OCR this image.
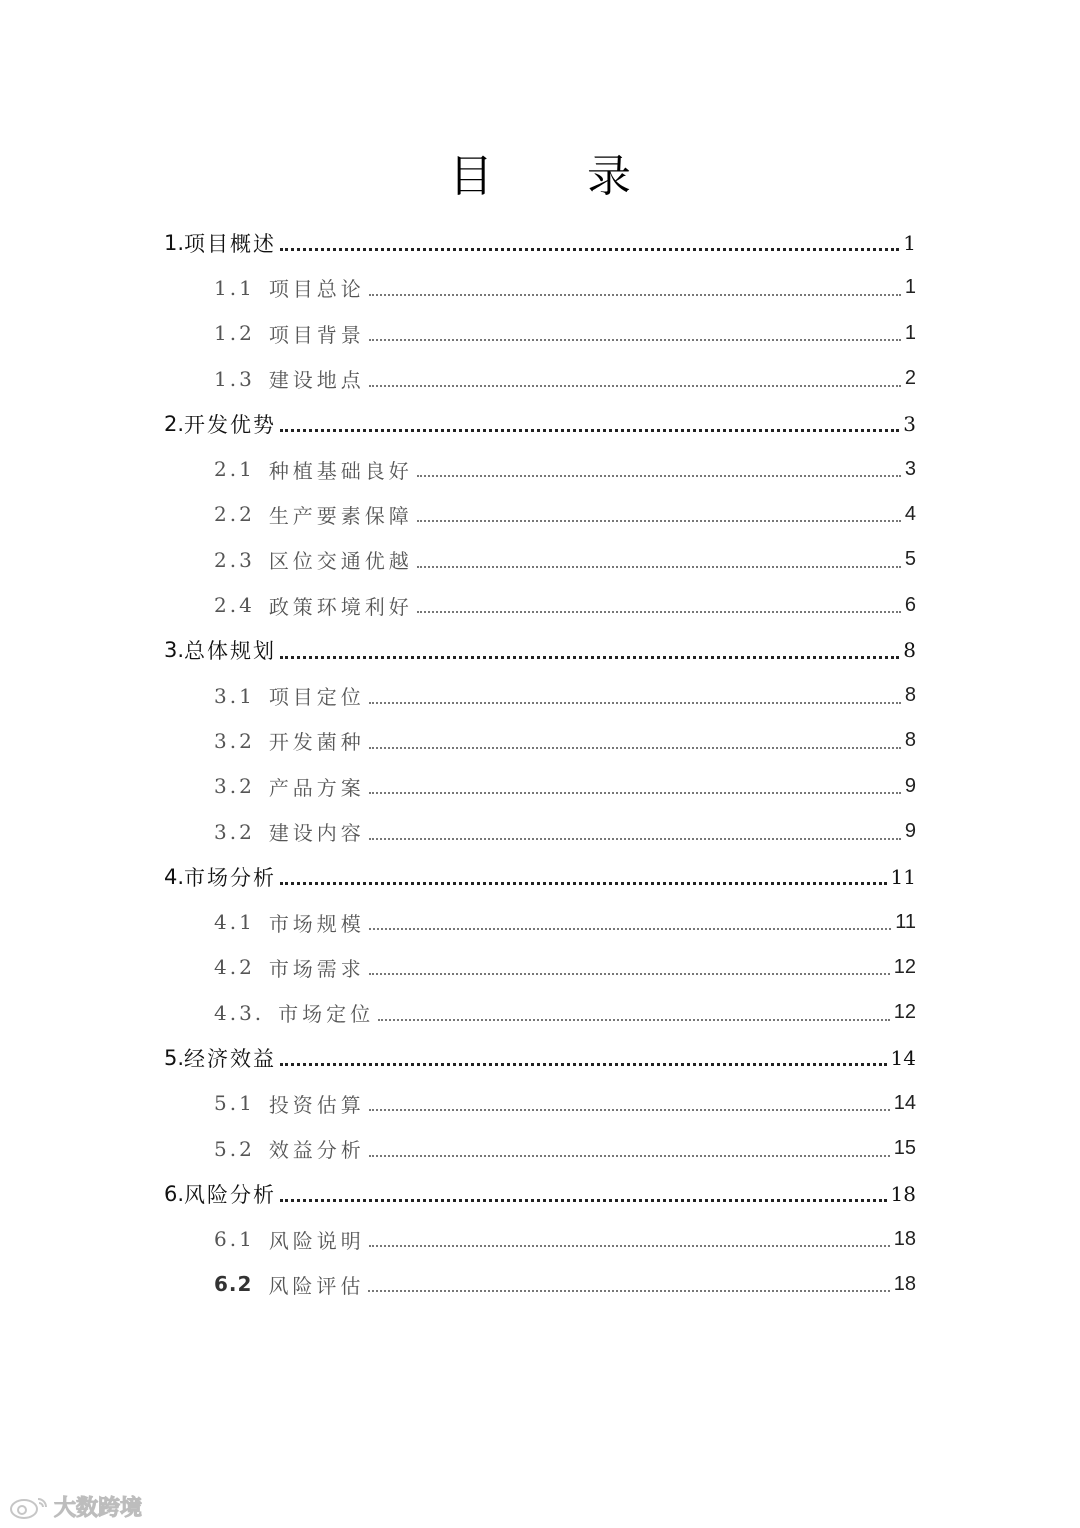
目 录
1. 项目概述	1
1.1 项目总论	1
1.2 项目背景	1
1.3 建设地点	2
2. 开发优势	3
2.1 种植基础良好	3
2.2 生产要素保障	4
2.3 区位交通优越	5
2.4 政策环境利好	6
3. 总体规划	8
3.1 项目定位	8
3.2 开发菌种	8
3.2 产品方案	9
3.2 建设内容	9
4. 市场分析	11
4.1 市场规模	11
4.2 市场需求	12
4.3. 市场定位	12
5. 经济效益	14
5.1 投资估算	14
5.2 效益分析	15
6. 风险分析	18
6.1 风险说明	18
6.2 风险评估	18
大数跨境
